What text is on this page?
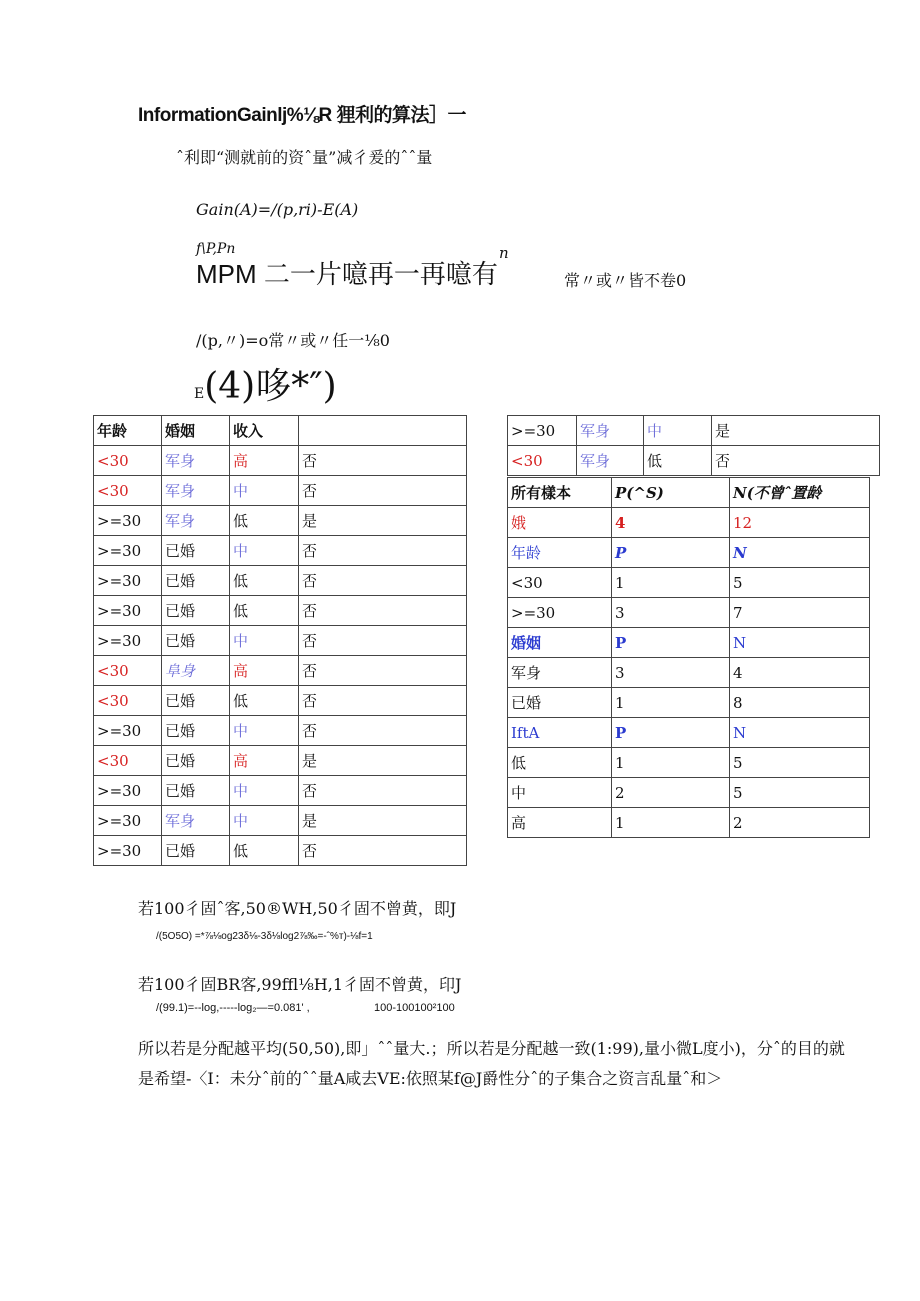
InformationGainlj%⅛R 狸利的算法］一
ˆ利即“测就前的资ˆ量”减彳爰的ˆˆ量
Gain(A)=/(p,ri)-E(A)
f\P,Pn
MPM 二一片噫再一再噫有
n
常〃或〃皆不卷0
/(p,〃)=o常〃或〃任一⅛0
E(4)哆*″)
年龄	婚姻	收入	
<30	军身	高	否
<30	军身	中	否
>=30	军身	低	是
>=30	已婚	中	否
>=30	已婚	低	否
>=30	已婚	低	否
>=30	已婚	中	否
<30	阜身	高	否
<30	已婚	低	否
>=30	已婚	中	否
<30	已婚	高	是
>=30	已婚	中	否
>=30	军身	中	是
>=30	已婚	低	否
>=30	军身	中	是
<30	军身	低	否
所有樣本	P(^S)	N(不曾ˆ置龄
娥	4	12
年龄	P	N
<30	1	5
>=30	3	7
婚姻	P	N
军身	3	4
已婚	1	8
IftA	P	N
低	1	5
中	2	5
高	1	2
若100彳固ˆ客,50®WH,50彳固不曾黄，即J
/(5O5O) =*⅞⅛og23δ⅛-3δ⅛log2⅞‰=-ˆ%т)-⅛f=1
若100彳固BR客,99ffl⅛H,1彳固不曾黄，印J
/(99.1)=--log,-----log₂—=0.081' ,	100-100100²100
所以若是分配越平均(50,50),即」ˆˆ量大.；所以若是分配越一致(1:99),量小微L度小)，分ˆ的目的就
是希望-〈I：未分ˆ前的ˆˆ量A咸去VE:依照某f@J爵性分ˆ的子集合之资言乱量ˆ和＞
